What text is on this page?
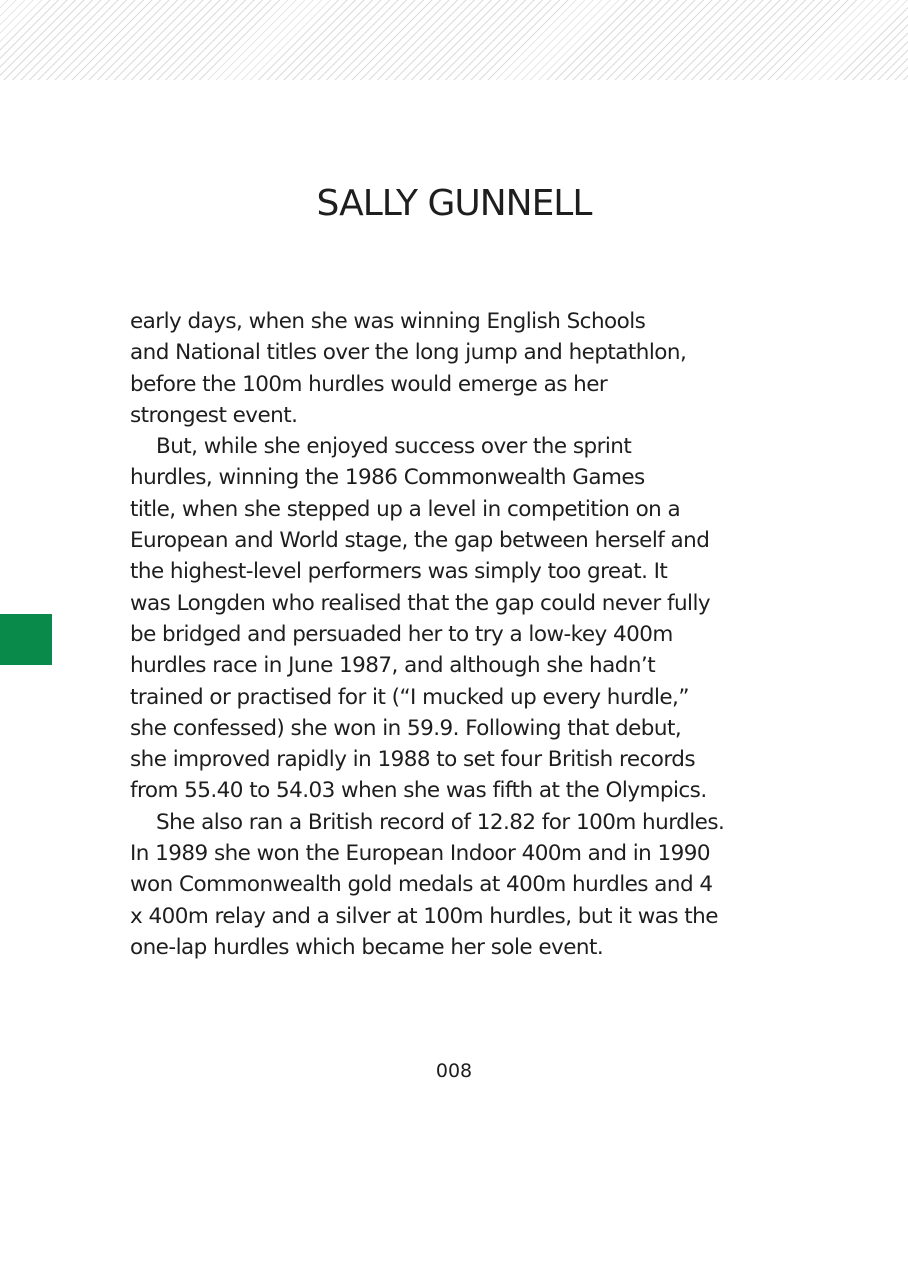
SALLY GUNNELL
early days, when she was winning English Schools
and National titles over the long jump and heptathlon,
before the 100m hurdles would emerge as her
strongest event.
But, while she enjoyed success over the sprint
hurdles, winning the 1986 Commonwealth Games
title, when she stepped up a level in competition on a
European and World stage, the gap between herself and
the highest-level performers was simply too great. It
was Longden who realised that the gap could never fully
be bridged and persuaded her to try a low-key 400m
hurdles race in June 1987, and although she hadn’t
trained or practised for it (“I mucked up every hurdle,”
she confessed) she won in 59.9. Following that debut,
she improved rapidly in 1988 to set four British records
from 55.40 to 54.03 when she was fifth at the Olympics.
She also ran a British record of 12.82 for 100m hurdles.
In 1989 she won the European Indoor 400m and in 1990
won Commonwealth gold medals at 400m hurdles and 4
x 400m relay and a silver at 100m hurdles, but it was the
one-lap hurdles which became her sole event.
008
